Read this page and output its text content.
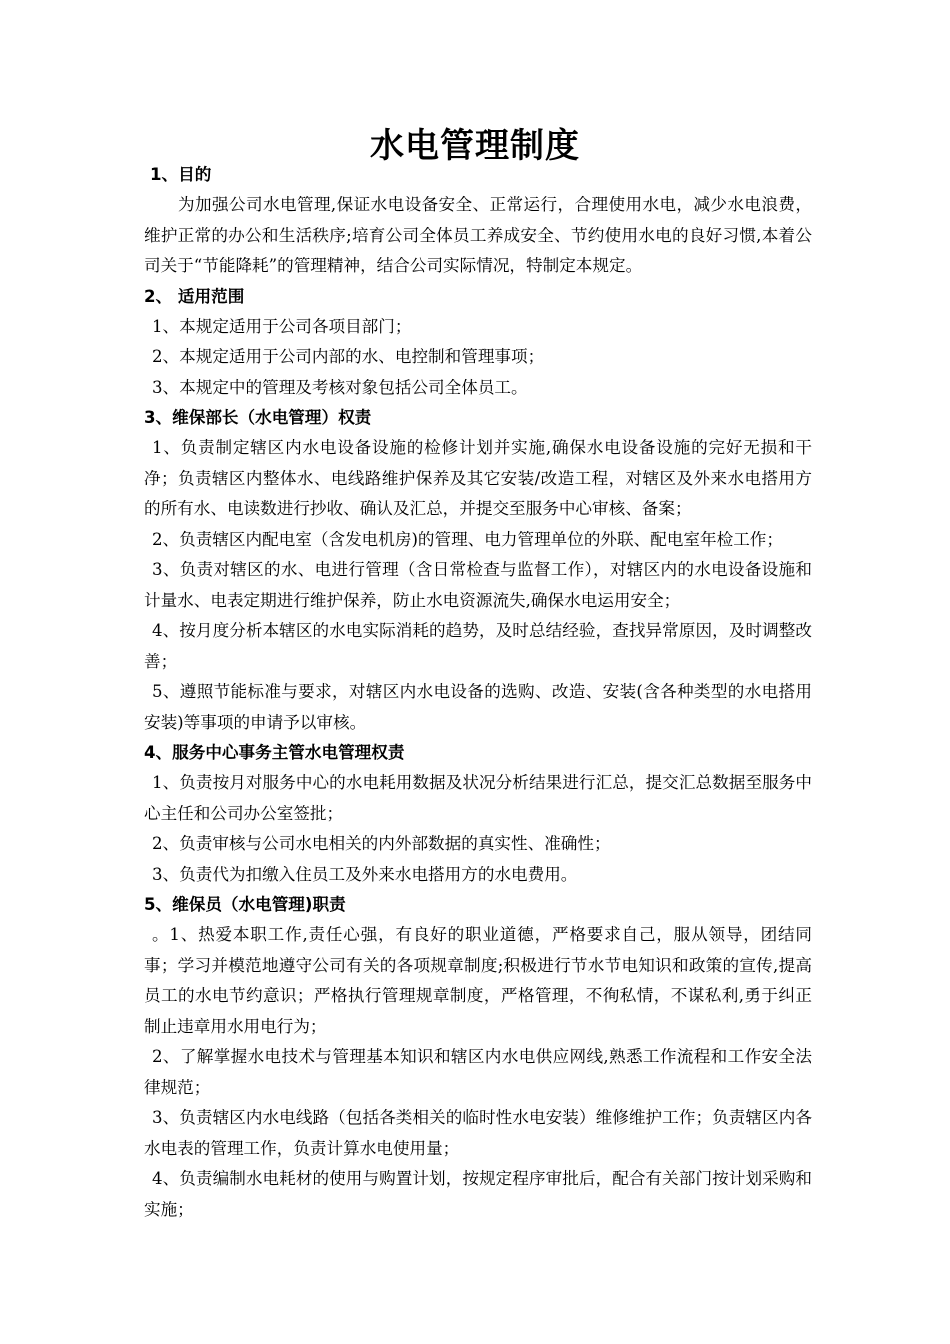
水电管理制度
1、目的
为加强公司水电管理,保证水电设备安全、正常运行，合理使用水电，减少水电浪费，维护正常的办公和生活秩序;培育公司全体员工养成安全、节约使用水电的良好习惯,本着公司关于“节能降耗”的管理精神，结合公司实际情况，特制定本规定。
2、 适用范围
1、本规定适用于公司各项目部门；
2、本规定适用于公司内部的水、电控制和管理事项；
3、本规定中的管理及考核对象包括公司全体员工。
3、维保部长（水电管理）权责
1、负责制定辖区内水电设备设施的检修计划并实施,确保水电设备设施的完好无损和干净；负责辖区内整体水、电线路维护保养及其它安装/改造工程，对辖区及外来水电搭用方的所有水、电读数进行抄收、确认及汇总，并提交至服务中心审核、备案；
2、负责辖区内配电室（含发电机房)的管理、电力管理单位的外联、配电室年检工作；
3、负责对辖区的水、电进行管理（含日常检查与监督工作），对辖区内的水电设备设施和计量水、电表定期进行维护保养，防止水电资源流失,确保水电运用安全；
4、按月度分析本辖区的水电实际消耗的趋势，及时总结经验，查找异常原因，及时调整改善；
5、遵照节能标准与要求，对辖区内水电设备的选购、改造、安装(含各种类型的水电搭用安装)等事项的申请予以审核。
4、服务中心事务主管水电管理权责
1、负责按月对服务中心的水电耗用数据及状况分析结果进行汇总，提交汇总数据至服务中心主任和公司办公室签批；
2、负责审核与公司水电相关的内外部数据的真实性、准确性；
3、负责代为扣缴入住员工及外来水电搭用方的水电费用。
5、维保员（水电管理)职责
。1、热爱本职工作,责任心强，有良好的职业道德，严格要求自己，服从领导，团结同事；学习并模范地遵守公司有关的各项规章制度;积极进行节水节电知识和政策的宣传,提高员工的水电节约意识；严格执行管理规章制度，严格管理，不徇私情，不谋私利,勇于纠正制止违章用水用电行为；
2、了解掌握水电技术与管理基本知识和辖区内水电供应网线,熟悉工作流程和工作安全法律规范；
3、负责辖区内水电线路（包括各类相关的临时性水电安装）维修维护工作；负责辖区内各水电表的管理工作，负责计算水电使用量；
4、负责编制水电耗材的使用与购置计划，按规定程序审批后，配合有关部门按计划采购和实施；
